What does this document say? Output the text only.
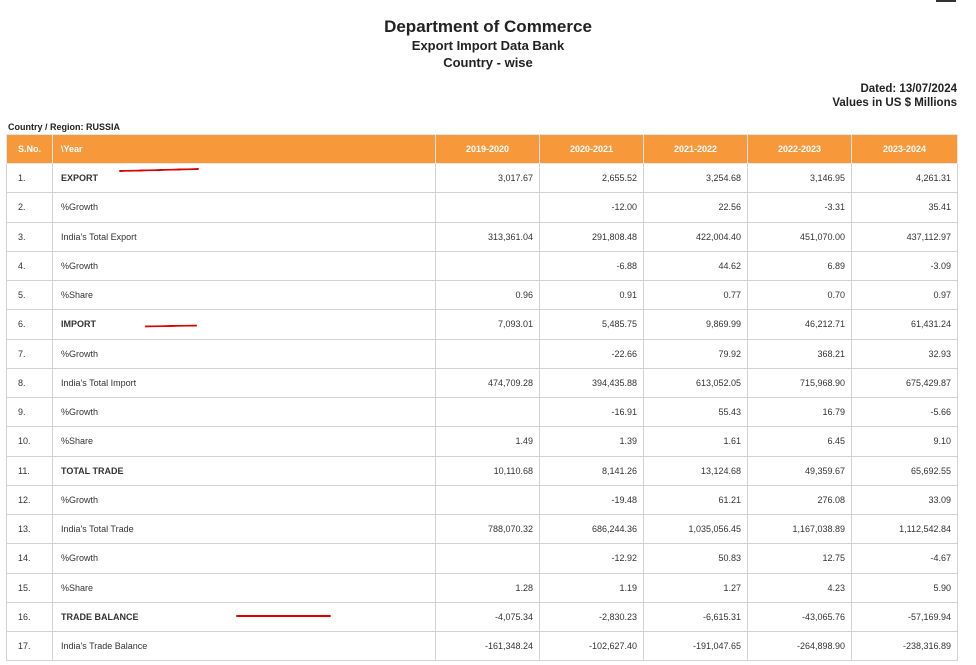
Department of Commerce
Export Import Data Bank
Country - wise
Dated: 13/07/2024
Values in US $ Millions
Country / Region: RUSSIA
S.No.	\Year	2019-2020	2020-2021	2021-2022	2022-2023	2023-2024
1.	EXPORT	3,017.67	2,655.52	3,254.68	3,146.95	4,261.31
2.	%Growth		-12.00	22.56	-3.31	35.41
3.	India's Total Export	313,361.04	291,808.48	422,004.40	451,070.00	437,112.97
4.	%Growth		-6.88	44.62	6.89	-3.09
5.	%Share	0.96	0.91	0.77	0.70	0.97
6.	IMPORT	7,093.01	5,485.75	9,869.99	46,212.71	61,431.24
7.	%Growth		-22.66	79.92	368.21	32.93
8.	India's Total Import	474,709.28	394,435.88	613,052.05	715,968.90	675,429.87
9.	%Growth		-16.91	55.43	16.79	-5.66
10.	%Share	1.49	1.39	1.61	6.45	9.10
11.	TOTAL TRADE	10,110.68	8,141.26	13,124.68	49,359.67	65,692.55
12.	%Growth		-19.48	61.21	276.08	33.09
13.	India's Total Trade	788,070.32	686,244.36	1,035,056.45	1,167,038.89	1,112,542.84
14.	%Growth		-12.92	50.83	12.75	-4.67
15.	%Share	1.28	1.19	1.27	4.23	5.90
16.	TRADE BALANCE	-4,075.34	-2,830.23	-6,615.31	-43,065.76	-57,169.94
17.	India's Trade Balance	-161,348.24	-102,627.40	-191,047.65	-264,898.90	-238,316.89
